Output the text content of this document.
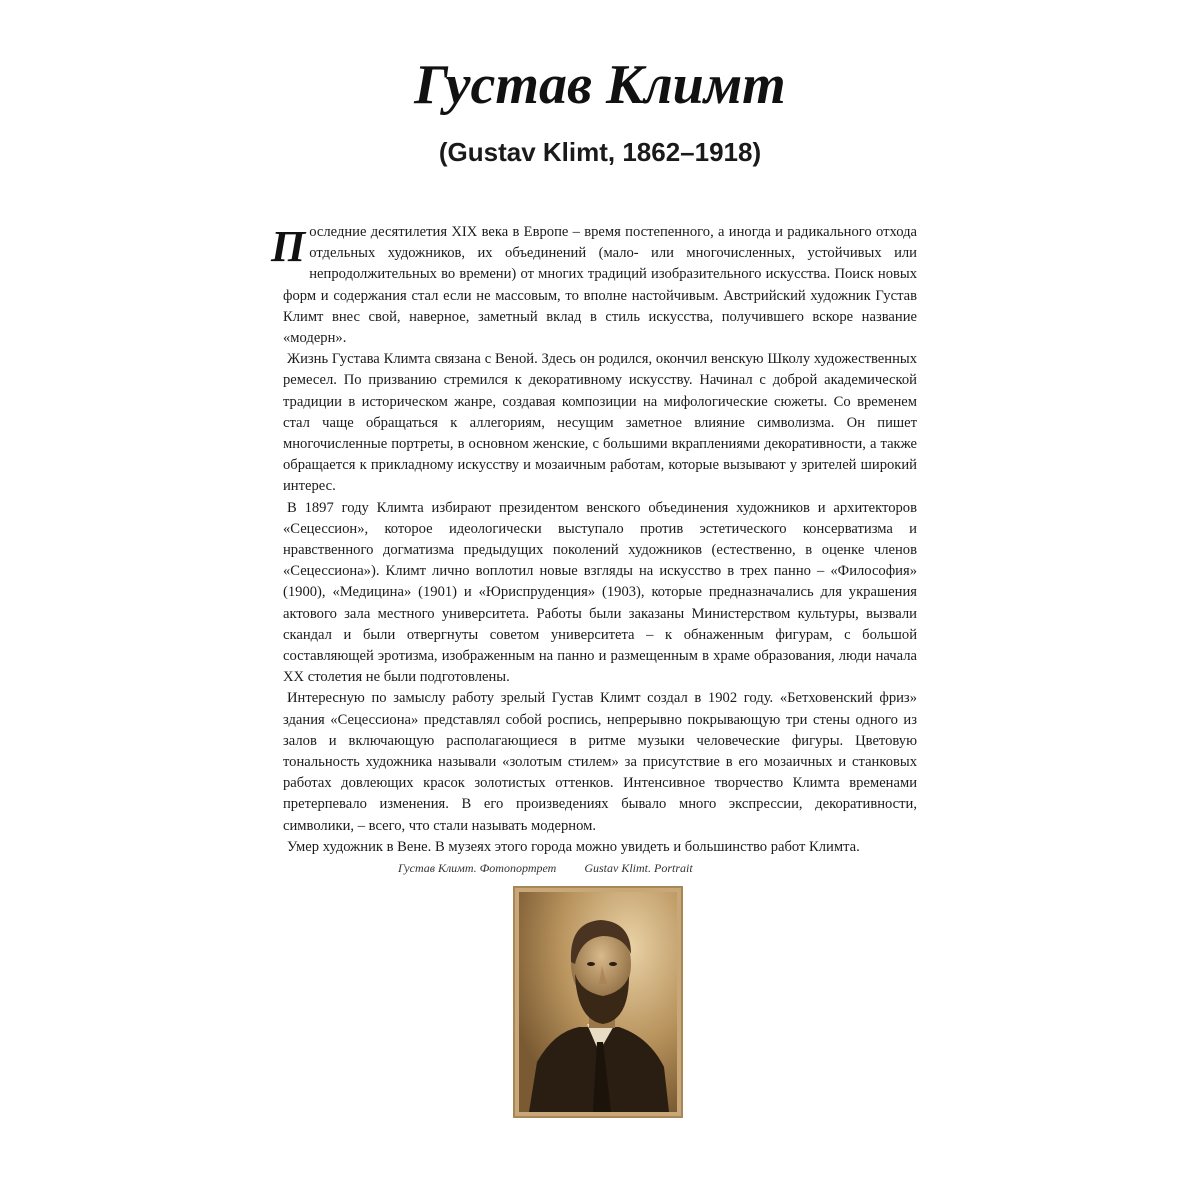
Густав Климт
(Gustav Klimt, 1862–1918)

Последние десятилетия XIX века в Европе – время постепенного, а иногда и радикального отхода отдельных художников, их объединений (мало- или многочисленных, устойчивых или непродолжительных во времени) от многих традиций изобразительного искусства. Поиск новых форм и содержания стал если не массовым, то вполне настойчивым. Австрийский художник Густав Климт внес свой, наверное, заметный вклад в стиль искусства, получившего вскоре название «модерн».

Жизнь Густава Климта связана с Веной. Здесь он родился, окончил венскую Школу художественных ремесел. По призванию стремился к декоративному искусству. Начинал с доброй академической традиции в историческом жанре, создавая композиции на мифологические сюжеты. Со временем стал чаще обращаться к аллегориям, несущим заметное влияние символизма. Он пишет многочисленные портреты, в основном женские, с большими вкраплениями декоративности, а также обращается к прикладному искусству и мозаичным работам, которые вызывают у зрителей широкий интерес.

В 1897 году Климта избирают президентом венского объединения художников и архитекторов «Сецессион», которое идеологически выступало против эстетического консерватизма и нравственного догматизма предыдущих поколений художников (естественно, в оценке членов «Сецессиона»). Климт лично воплотил новые взгляды на искусство в трех панно – «Философия» (1900), «Медицина» (1901) и «Юриспруденция» (1903), которые предназначались для украшения актового зала местного университета. Работы были заказаны Министерством культуры, вызвали скандал и были отвергнуты советом университета – к обнаженным фигурам, с большой составляющей эротизма, изображенным на панно и размещенным в храме образования, люди начала XX столетия не были подготовлены.

Интересную по замыслу работу зрелый Густав Климт создал в 1902 году. «Бетховенский фриз» здания «Сецессиона» представлял собой роспись, непрерывно покрывающую три стены одного из залов и включающую располагающиеся в ритме музыки человеческие фигуры. Цветовую тональность художника называли «золотым стилем» за присутствие в его мозаичных и станковых работах довлеющих красок золотистых оттенков. Интенсивное творчество Климта временами претерпевало изменения. В его произведениях бывало много экспрессии, декоративности, символики, – всего, что стали называть модерном.

Умер художник в Вене. В музеях этого города можно увидеть и большинство работ Климта.

Густав Климт. Фотопортрет Gustav Klimt. Portrait
